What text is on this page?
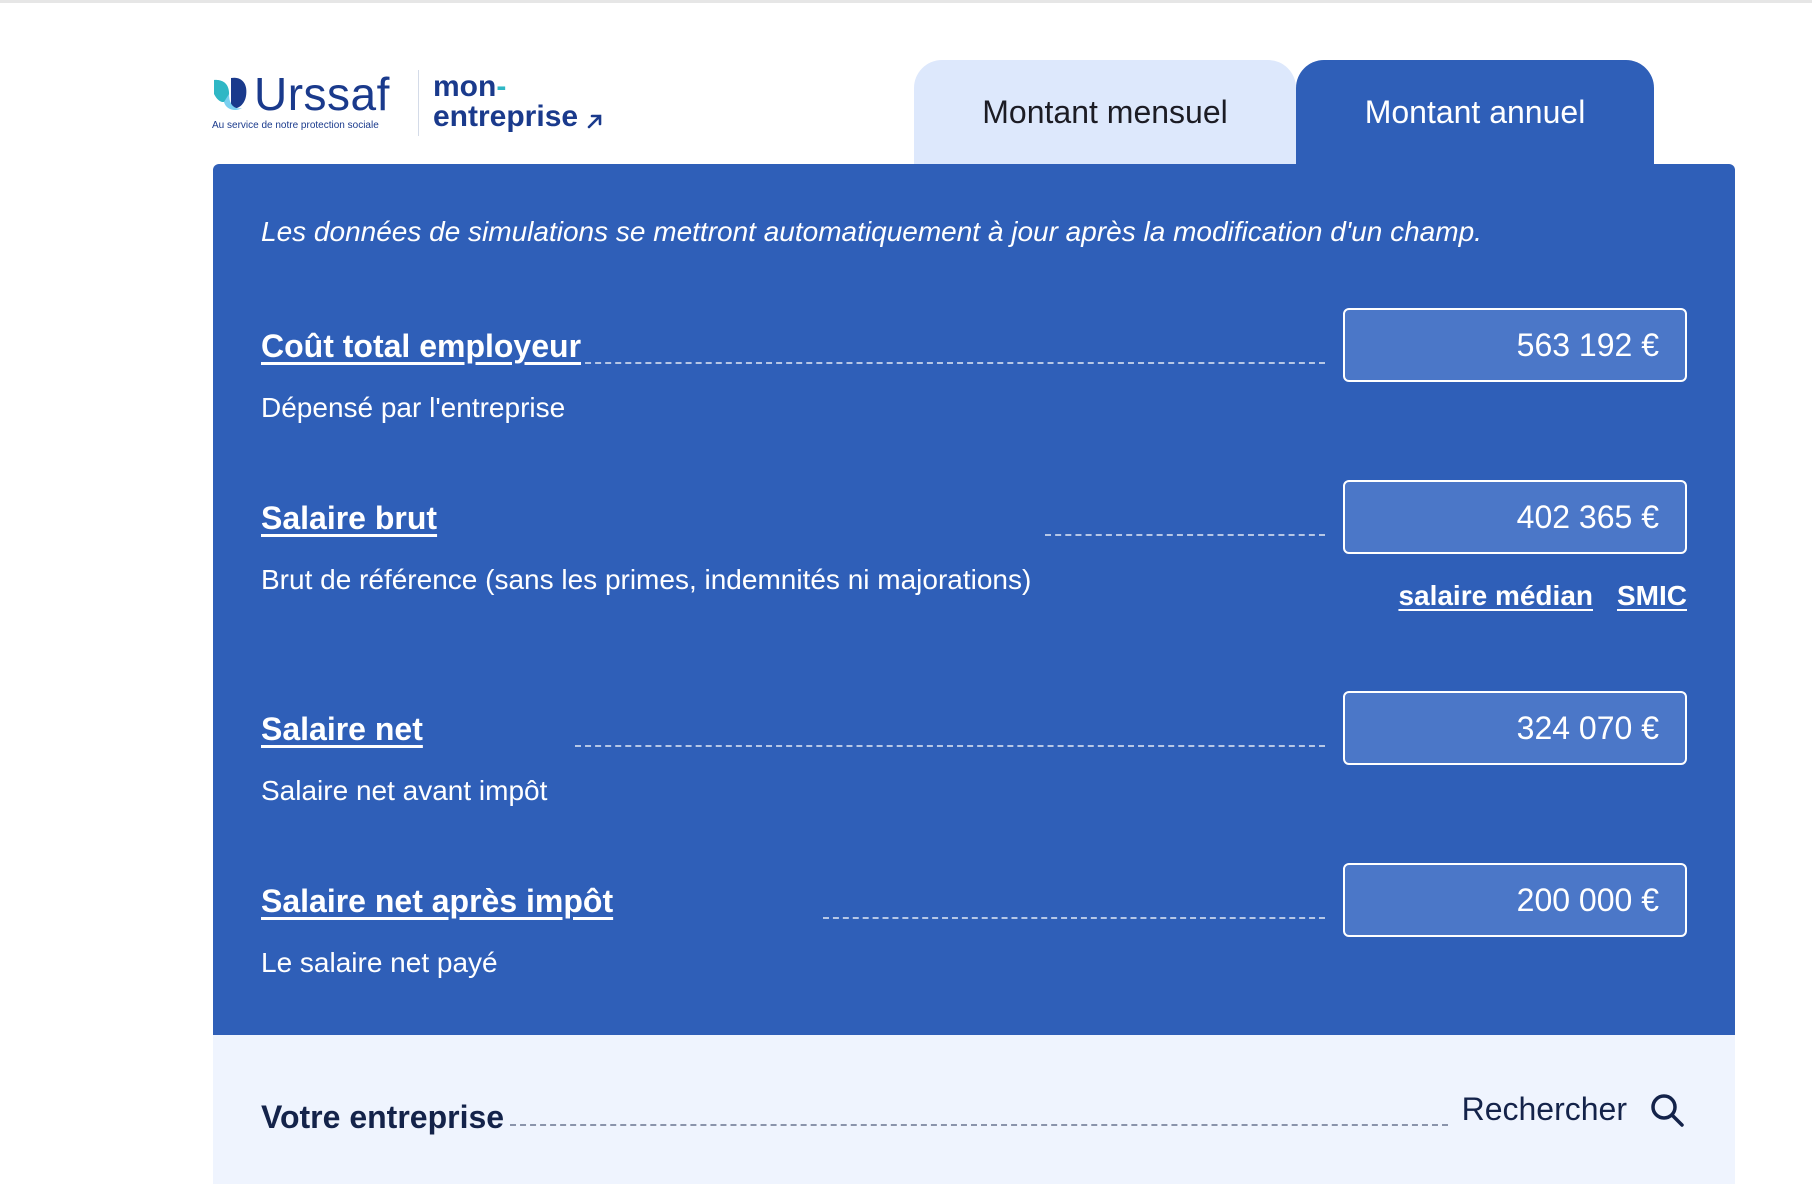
Urssaf
Au service de notre protection sociale
mon-
entreprise	Montant mensuel	Montant annuel
Les données de simulations se mettront automatiquement à jour après la modification d'un champ.
Coût total employeur	563 192 €
Dépensé par l'entreprise
Salaire brut	402 365 €
Brut de référence (sans les primes, indemnités ni majorations)
salaire médian SMIC
Salaire net	324 070 €
Salaire net avant impôt
Salaire net après impôt	200 000 €
Le salaire net payé
Votre entreprise	Rechercher
